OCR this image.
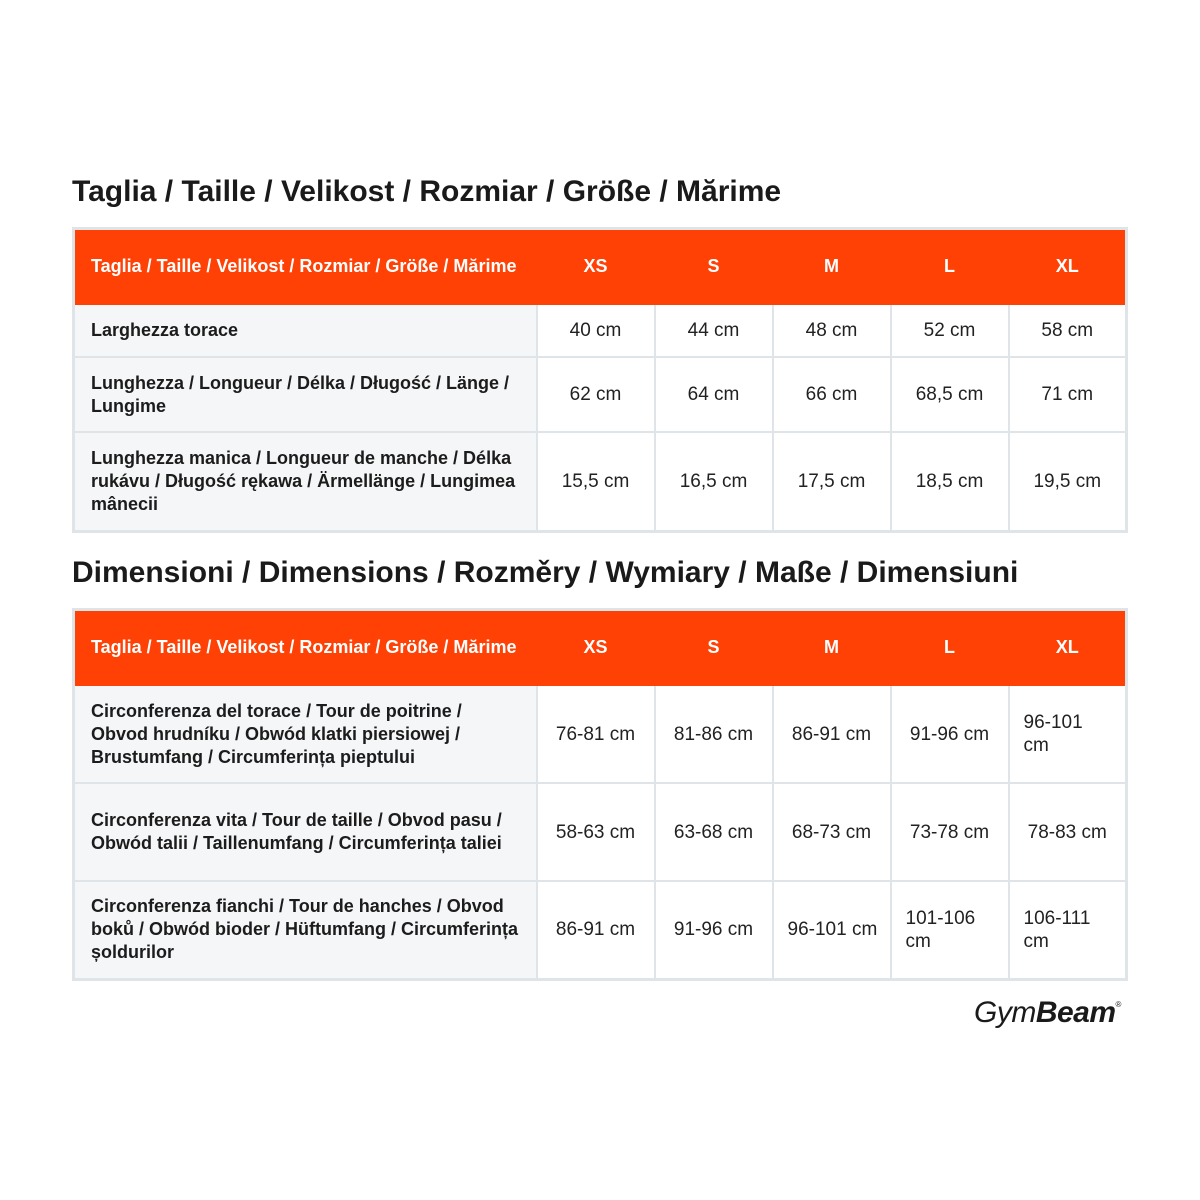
Taglia / Taille / Velikost / Rozmiar / Größe / Mărime
Taglia / Taille / Velikost / Rozmiar / Größe / Mărime	XS	S	M	L	XL
Larghezza torace	40 cm	44 cm	48 cm	52 cm	58 cm
Lunghezza / Longueur / Délka / Długość / Länge / Lungime	62 cm	64 cm	66 cm	68,5 cm	71 cm
Lunghezza manica / Longueur de manche / Délka rukávu / Długość rękawa / Ärmellänge / Lungimea mânecii	15,5 cm	16,5 cm	17,5 cm	18,5 cm	19,5 cm
Dimensioni / Dimensions / Rozměry / Wymiary / Maße / Dimensiuni
Taglia / Taille / Velikost / Rozmiar / Größe / Mărime	XS	S	M	L	XL
Circonferenza del torace / Tour de poitrine / Obvod hrudníku / Obwód klatki piersiowej / Brustumfang / Circumferința pieptului	76-81 cm	81-86 cm	86-91 cm	91-96 cm	96-101 cm
Circonferenza vita / Tour de taille / Obvod pasu / Obwód talii / Taillenumfang / Circumferința taliei	58-63 cm	63-68 cm	68-73 cm	73-78 cm	78-83 cm
Circonferenza fianchi / Tour de hanches / Obvod boků / Obwód bioder / Hüftumfang / Circumferința șoldurilor	86-91 cm	91-96 cm	96-101 cm	101-106 cm	106-111 cm
GymBeam®
